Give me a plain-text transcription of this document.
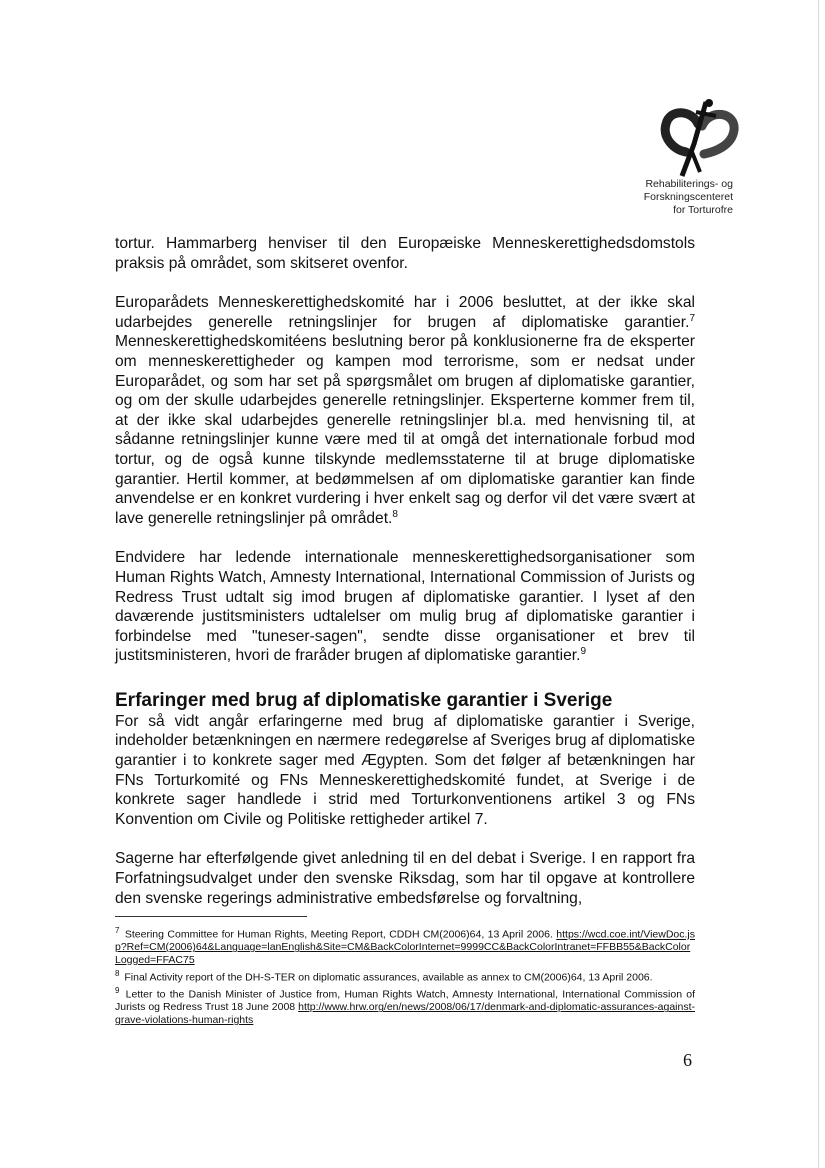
Rehabiliterings- og
Forskningscenteret
for Torturofre

tortur. Hammarberg henviser til den Europæiske Menneskerettighedsdomstols praksis på området, som skitseret ovenfor.

Europarådets Menneskerettighedskomité har i 2006 besluttet, at der ikke skal udarbejdes generelle retningslinjer for brugen af diplomatiske garantier.$^7$ Menneskerettighedskomitéens beslutning beror på konklusionerne fra de eksperter om menneskerettigheder og kampen mod terrorisme, som er nedsat under Europarådet, og som har set på spørgsmålet om brugen af diplomatiske garantier, og om der skulle udarbejdes generelle retningslinjer. Eksperterne kommer frem til, at der ikke skal udarbejdes generelle retningslinjer bl.a. med henvisning til, at sådanne retningslinjer kunne være med til at omgå det internationale forbud mod tortur, og de også kunne tilskynde medlemsstaterne til at bruge diplomatiske garantier. Hertil kommer, at bedømmelsen af om diplomatiske garantier kan finde anvendelse er en konkret vurdering i hver enkelt sag og derfor vil det være svært at lave generelle retningslinjer på området.$^8$

Endvidere har ledende internationale menneskerettighedsorganisationer som Human Rights Watch, Amnesty International, International Commission of Jurists og Redress Trust udtalt sig imod brugen af diplomatiske garantier. I lyset af den daværende justitsministers udtalelser om mulig brug af diplomatiske garantier i forbindelse med "tuneser-sagen", sendte disse organisationer et brev til justitsministeren, hvori de fraråder brugen af diplomatiske garantier.$^9$

Erfaringer med brug af diplomatiske garantier i Sverige

For så vidt angår erfaringerne med brug af diplomatiske garantier i Sverige, indeholder betænkningen en nærmere redegørelse af Sveriges brug af diplomatiske garantier i to konkrete sager med Ægypten. Som det følger af betænkningen har FNs Torturkomité og FNs Menneskerettighedskomité fundet, at Sverige i de konkrete sager handlede i strid med Torturkonventionens artikel 3 og FNs Konvention om Civile og Politiske rettigheder artikel 7.

Sagerne har efterfølgende givet anledning til en del debat i Sverige. I en rapport fra Forfatningsudvalget under den svenske Riksdag, som har til opgave at kontrollere den svenske regerings administrative embedsførelse og forvaltning,

$^7$ Steering Committee for Human Rights, Meeting Report, CDDH CM(2006)64, 13 April 2006. https://wcd.coe.int/ViewDoc.jsp?Ref=CM(2006)64&Language=lanEnglish&Site=CM&BackColorInternet=9999CC&BackColorIntranet=FFBB55&BackColorLogged=FFAC75
$^8$ Final Activity report of the DH-S-TER on diplomatic assurances, available as annex to CM(2006)64, 13 April 2006.
$^9$ Letter to the Danish Minister of Justice from, Human Rights Watch, Amnesty International, International Commission of Jurists og Redress Trust 18 June 2008 http://www.hrw.org/en/news/2008/06/17/denmark-and-diplomatic-assurances-against-grave-violations-human-rights
6
